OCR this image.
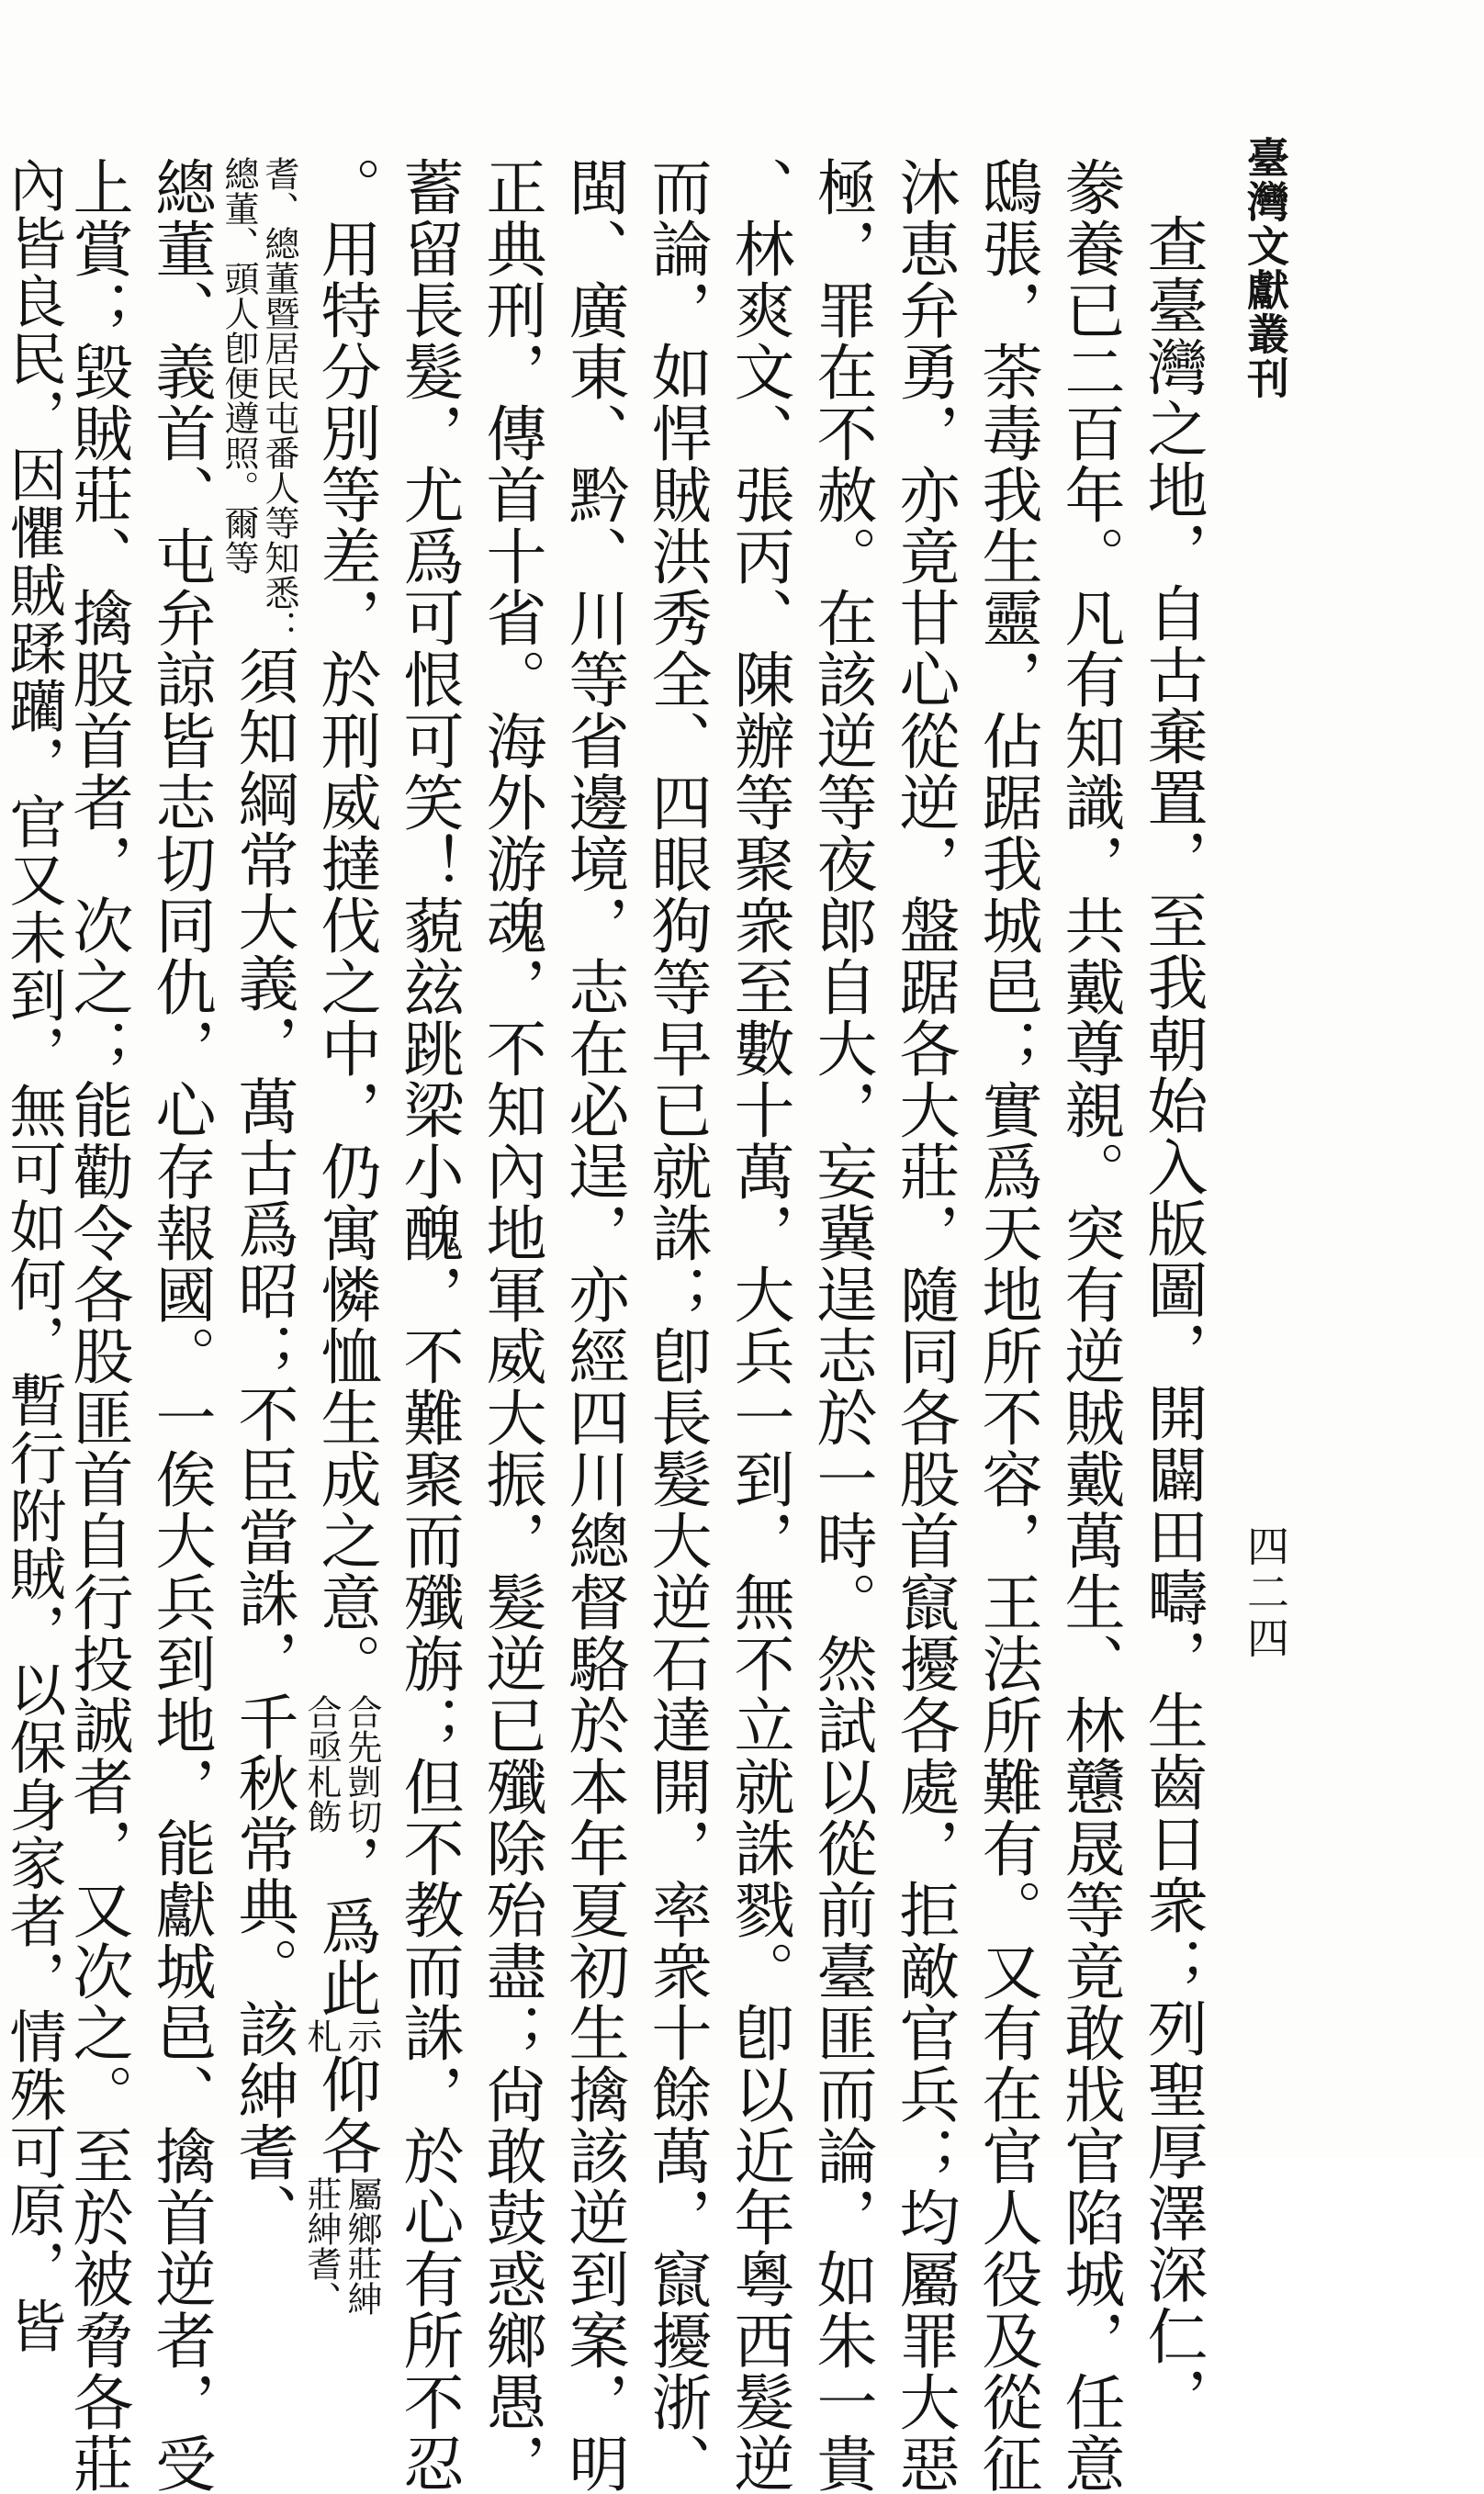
臺灣文獻叢刊
四二四
查臺灣之地，自古棄置，至我朝始入版圖，開闢田疇，生齒日衆；列聖厚澤深仁，
豢養已二百年。凡有知識，共戴尊親。突有逆賊戴萬生、林戇晟等竟敢戕官陷城，任意
鴟張，荼毒我生靈，佔踞我城邑；實爲天地所不容，王法所難有。又有在官人役及從征
沐恵弁勇，亦竟甘心從逆，盤踞各大莊，隨同各股首竄擾各處，拒敵官兵；均屬罪大惡
極，罪在不赦。在該逆等夜郎自大，妄冀逞志於一時。然試以從前臺匪而論，如朱一貴
、林爽文、張丙、陳辦等聚衆至數十萬，大兵一到，無不立就誅戮。卽以近年粵西髮逆
而論，如悍賊洪秀全、四眼狗等早已就誅；卽長髮大逆石達開，率衆十餘萬，竄擾浙、
閩、廣東、黔、川等省邊境，志在必逞，亦經四川總督駱於本年夏初生擒該逆到案，明
正典刑，傳首十省。海外游魂，不知內地軍威大振，髮逆已殲除殆盡；尙敢鼓惑鄉愚，
蓄留長髮，尤爲可恨可笑！藐玆跳梁小醜，不難聚而殲旃；但不教而誅，於心有所不忍
。用特分別等差，於刑威撻伐之中，仍寓憐恤生成之意。
合先剴切
合亟札飭
，爲此
示
札
仰各
屬鄉莊紳
莊紳耆、
耆、總董暨居民屯番人等知悉：
總董、頭人卽便遵照。爾等
須知綱常大義，萬古爲昭；不臣當誅，千秋常典。該紳耆、
總董、義首、屯弁諒皆志切同仇，心存報國。一俟大兵到地，能獻城邑、擒首逆者，受
上賞；毀賊莊、擒股首者，次之；能勸令各股匪首自行投誠者，又次之。至於被脅各莊
內皆良民，因懼賊蹂躪，官又未到，無可如何，暫行附賊，以保身家者，情殊可原，皆
